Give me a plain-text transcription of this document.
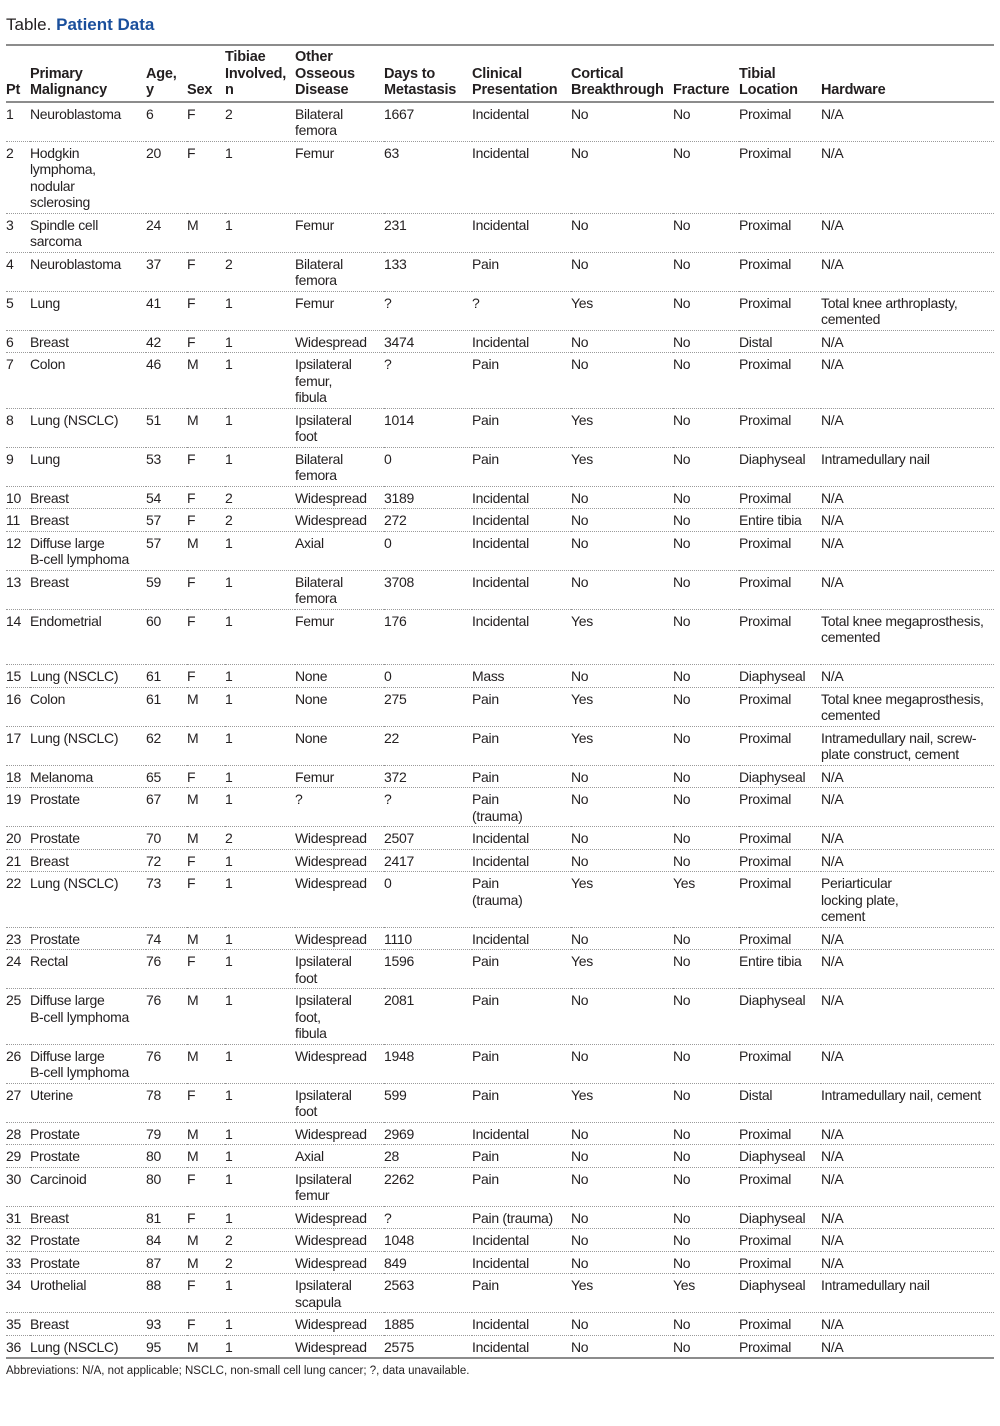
Table. Patient Data
Pt	Primary
Malignancy	Age,
y	Sex	Tibiae
Involved,
n	Other
Osseous
Disease	Days to
Metastasis	Clinical
Presentation	Cortical
Breakthrough	Fracture	Tibial
Location	Hardware

1	Neuroblastoma	6	F	2	Bilateral
femora	1667	Incidental	No	No	Proximal	N/A

2	Hodgkin
lymphoma,
nodular
sclerosing	20	F	1	Femur	63	Incidental	No	No	Proximal	N/A

3	Spindle cell
sarcoma	24	M	1	Femur	231	Incidental	No	No	Proximal	N/A

4	Neuroblastoma	37	F	2	Bilateral
femora	133	Pain	No	No	Proximal	N/A

5	Lung	41	F	1	Femur	?	?	Yes	No	Proximal	Total knee arthroplasty,
cemented

6	Breast	42	F	1	Widespread	3474	Incidental	No	No	Distal	N/A

7	Colon	46	M	1	Ipsilateral
femur,
fibula	?	Pain	No	No	Proximal	N/A

8	Lung (NSCLC)	51	M	1	Ipsilateral
foot	1014	Pain	Yes	No	Proximal	N/A

9	Lung	53	F	1	Bilateral
femora	0	Pain	Yes	No	Diaphyseal	Intramedullary nail

10	Breast	54	F	2	Widespread	3189	Incidental	No	No	Proximal	N/A

11	Breast	57	F	2	Widespread	272	Incidental	No	No	Entire tibia	N/A

12	Diffuse large
B-cell lymphoma	57	M	1	Axial	0	Incidental	No	No	Proximal	N/A

13	Breast	59	F	1	Bilateral
femora	3708	Incidental	No	No	Proximal	N/A

14	Endometrial	60	F	1	Femur	176	Incidental	Yes	No	Proximal	Total knee megaprosthesis,
cemented

15	Lung (NSCLC)	61	F	1	None	0	Mass	No	No	Diaphyseal	N/A

16	Colon	61	M	1	None	275	Pain	Yes	No	Proximal	Total knee megaprosthesis,
cemented

17	Lung (NSCLC)	62	M	1	None	22	Pain	Yes	No	Proximal	Intramedullary nail, screw-
plate construct, cement

18	Melanoma	65	F	1	Femur	372	Pain	No	No	Diaphyseal	N/A

19	Prostate	67	M	1	?	?	Pain
(trauma)	No	No	Proximal	N/A

20	Prostate	70	M	2	Widespread	2507	Incidental	No	No	Proximal	N/A

21	Breast	72	F	1	Widespread	2417	Incidental	No	No	Proximal	N/A

22	Lung (NSCLC)	73	F	1	Widespread	0	Pain
(trauma)	Yes	Yes	Proximal	Periarticular
locking plate,
cement

23	Prostate	74	M	1	Widespread	1110	Incidental	No	No	Proximal	N/A

24	Rectal	76	F	1	Ipsilateral
foot	1596	Pain	Yes	No	Entire tibia	N/A

25	Diffuse large
B-cell lymphoma	76	M	1	Ipsilateral
foot,
fibula	2081	Pain	No	No	Diaphyseal	N/A

26	Diffuse large
B-cell lymphoma	76	M	1	Widespread	1948	Pain	No	No	Proximal	N/A

27	Uterine	78	F	1	Ipsilateral
foot	599	Pain	Yes	No	Distal	Intramedullary nail, cement

28	Prostate	79	M	1	Widespread	2969	Incidental	No	No	Proximal	N/A

29	Prostate	80	M	1	Axial	28	Pain	No	No	Diaphyseal	N/A

30	Carcinoid	80	F	1	Ipsilateral
femur	2262	Pain	No	No	Proximal	N/A

31	Breast	81	F	1	Widespread	?	Pain (trauma)	No	No	Diaphyseal	N/A

32	Prostate	84	M	2	Widespread	1048	Incidental	No	No	Proximal	N/A

33	Prostate	87	M	2	Widespread	849	Incidental	No	No	Proximal	N/A

34	Urothelial	88	F	1	Ipsilateral
scapula	2563	Pain	Yes	Yes	Diaphyseal	Intramedullary nail

35	Breast	93	F	1	Widespread	1885	Incidental	No	No	Proximal	N/A

36	Lung (NSCLC)	95	M	1	Widespread	2575	Incidental	No	No	Proximal	N/A
Abbreviations: N/A, not applicable; NSCLC, non-small cell lung cancer; ?, data unavailable.
